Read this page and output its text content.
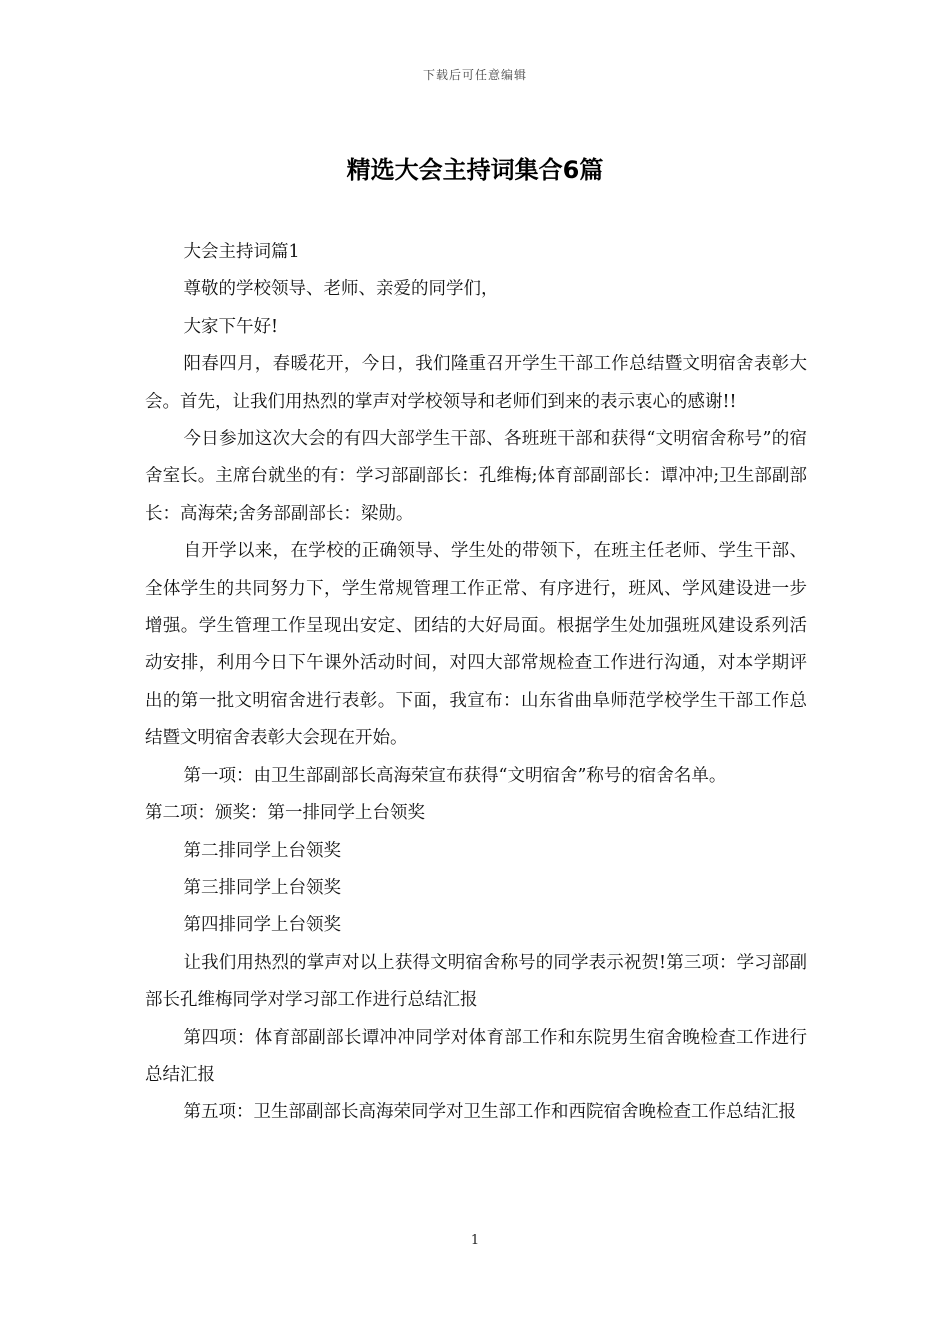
下载后可任意编辑
精选大会主持词集合6篇

大会主持词篇1

尊敬的学校领导、老师、亲爱的同学们，

大家下午好!

阳春四月，春暖花开，今日，我们隆重召开学生干部工作总结暨文明宿舍表彰大会。首先，让我们用热烈的掌声对学校领导和老师们到来的表示衷心的感谢!!

今日参加这次大会的有四大部学生干部、各班班干部和获得“文明宿舍称号”的宿舍室长。主席台就坐的有：学习部副部长：孔维梅;体育部副部长：谭冲冲;卫生部副部长：高海荣;舍务部副部长：梁勋。

自开学以来，在学校的正确领导、学生处的带领下，在班主任老师、学生干部、全体学生的共同努力下，学生常规管理工作正常、有序进行，班风、学风建设进一步增强。学生管理工作呈现出安定、团结的大好局面。根据学生处加强班风建设系列活动安排，利用今日下午课外活动时间，对四大部常规检查工作进行沟通，对本学期评出的第一批文明宿舍进行表彰。下面，我宣布：山东省曲阜师范学校学生干部工作总结暨文明宿舍表彰大会现在开始。

第一项：由卫生部副部长高海荣宣布获得“文明宿舍”称号的宿舍名单。

第二项：颁奖：第一排同学上台领奖

第二排同学上台领奖

第三排同学上台领奖

第四排同学上台领奖

让我们用热烈的掌声对以上获得文明宿舍称号的同学表示祝贺!第三项：学习部副部长孔维梅同学对学习部工作进行总结汇报

第四项：体育部副部长谭冲冲同学对体育部工作和东院男生宿舍晚检查工作进行总结汇报

第五项：卫生部副部长高海荣同学对卫生部工作和西院宿舍晚检查工作总结汇报

1
